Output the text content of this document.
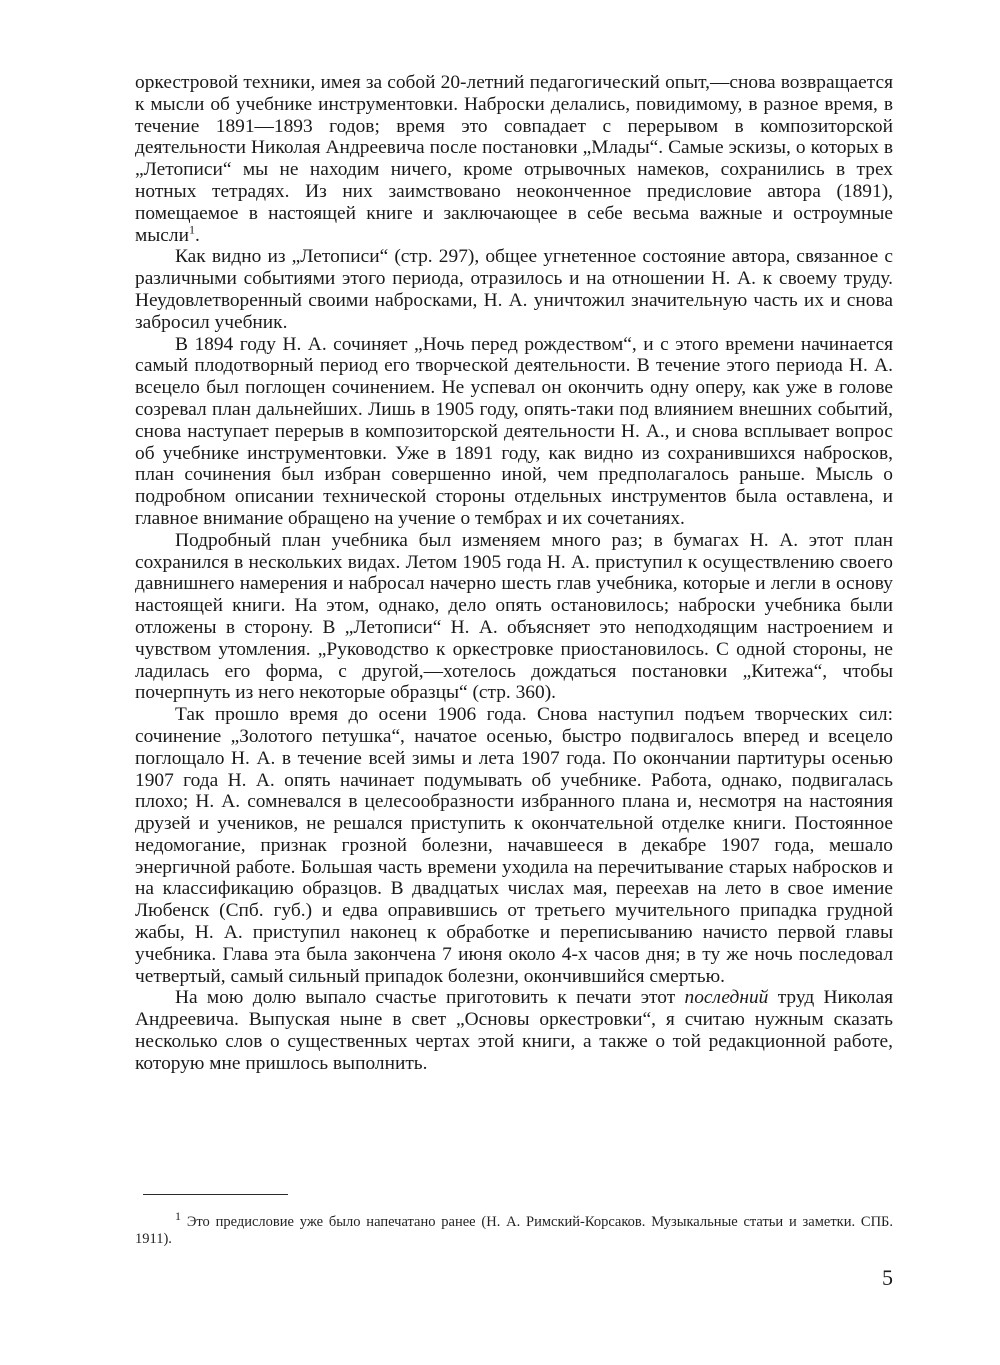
оркестровой техники, имея за собой 20-летний педагогический опыт,—снова возвращается к мысли об учебнике инструментовки. Наброски делались, повидимому, в разное время, в течение 1891—1893 годов; время это совпадает с перерывом в композиторской деятельности Николая Андреевича после постановки „Млады“. Самые эскизы, о которых в „Летописи“ мы не находим ничего, кроме отрывочных намеков, сохранились в трех нотных тетрадях. Из них заимствовано неоконченное предисловие автора (1891), помещаемое в настоящей книге и заключающее в себе весьма важные и остроумные мысли$^1$.

Как видно из „Летописи“ (стр. 297), общее угнетенное состояние автора, связанное с различными событиями этого периода, отразилось и на отношении Н. А. к своему труду. Неудовлетворенный своими набросками, Н. А. уничтожил значительную часть их и снова забросил учебник.

В 1894 году Н. А. сочиняет „Ночь перед рождеством“, и с этого времени начинается самый плодотворный период его творческой деятельности. В течение этого периода Н. А. всецело был поглощен сочинением. Не успевал он окончить одну оперу, как уже в голове созревал план дальнейших. Лишь в 1905 году, опять-таки под влиянием внешних событий, снова наступает перерыв в композиторской деятельности Н. А., и снова всплывает вопрос об учебнике инструментовки. Уже в 1891 году, как видно из сохранившихся набросков, план сочинения был избран совершенно иной, чем предполагалось раньше. Мысль о подробном описании технической стороны отдельных инструментов была оставлена, и главное внимание обращено на учение о тембрах и их сочетаниях.

Подробный план учебника был изменяем много раз; в бумагах Н. А. этот план сохранился в нескольких видах. Летом 1905 года Н. А. приступил к осуществлению своего давнишнего намерения и набросал начерно шесть глав учебника, которые и легли в основу настоящей книги. На этом, однако, дело опять остановилось; наброски учебника были отложены в сторону. В „Летописи“ Н. А. объясняет это неподходящим настроением и чувством утомления. „Руководство к оркестровке приостановилось. С одной стороны, не ладилась его форма, с другой,—хотелось дождаться постановки „Китежа“, чтобы почерпнуть из него некоторые образцы“ (стр. 360).

Так прошло время до осени 1906 года. Снова наступил подъем творческих сил: сочинение „Золотого петушка“, начатое осенью, быстро подвигалось вперед и всецело поглощало Н. А. в течение всей зимы и лета 1907 года. По окончании партитуры осенью 1907 года Н. А. опять начинает подумывать об учебнике. Работа, однако, подвигалась плохо; Н. А. сомневался в целесообразности избранного плана и, несмотря на настояния друзей и учеников, не решался приступить к окончательной отделке книги. Постоянное недомогание, признак грозной болезни, начавшееся в декабре 1907 года, мешало энергичной работе. Большая часть времени уходила на перечитывание старых набросков и на классификацию образцов. В двадцатых числах мая, переехав на лето в свое имение Любенск (Спб. губ.) и едва оправившись от третьего мучительного припадка грудной жабы, Н. А. приступил наконец к обработке и переписыванию начисто первой главы учебника. Глава эта была закончена 7 июня около 4-х часов дня; в ту же ночь последовал четвертый, самый сильный припадок болезни, окончившийся смертью.

На мою долю выпало счастье приготовить к печати этот последний труд Николая Андреевича. Выпуская ныне в свет „Основы оркестровки“, я считаю нужным сказать несколько слов о существенных чертах этой книги, а также о той редакционной работе, которую мне пришлось выполнить.

$^1$ Это предисловие уже было напечатано ранее (Н. А. Римский-Корсаков. Музыкальные статьи и заметки. СПБ. 1911).
5
